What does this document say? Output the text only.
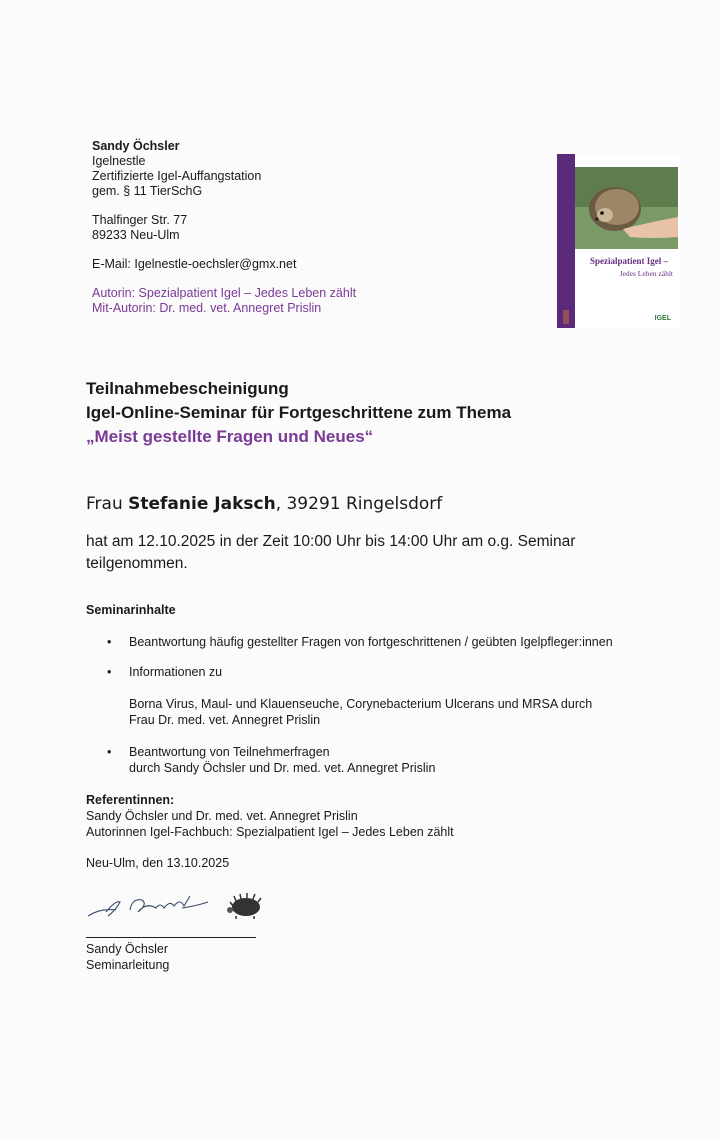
Sandy Öchsler
Igelnestle
Zertifizierte Igel-Auffangstation
gem. § 11 TierSchG
Thalfinger Str. 77
89233 Neu-Ulm
E-Mail: Igelnestle-oechsler@gmx.net
Autorin: Spezialpatient Igel – Jedes Leben zählt
Mit-Autorin: Dr. med. vet. Annegret Prislin
Spezialpatient Igel –
Jedes Leben zählt
IGEL
Teilnahmebescheinigung
Igel-Online-Seminar für Fortgeschrittene zum Thema
„Meist gestellte Fragen und Neues“
Frau Stefanie Jaksch, 39291 Ringelsdorf
hat am 12.10.2025 in der Zeit 10:00 Uhr bis 14:00 Uhr am o.g. Seminar teilgenommen.
Seminarinhalte
• Beantwortung häufig gestellter Fragen von fortgeschrittenen / geübten Igelpfleger:innen
• Informationen zu
Borna Virus, Maul- und Klauenseuche, Corynebacterium Ulcerans und MRSA durch
Frau Dr. med. vet. Annegret Prislin
• Beantwortung von Teilnehmerfragen
durch Sandy Öchsler und Dr. med. vet. Annegret Prislin
Referentinnen:
Sandy Öchsler und Dr. med. vet. Annegret Prislin
Autorinnen Igel-Fachbuch: Spezialpatient Igel – Jedes Leben zählt
Neu-Ulm, den 13.10.2025
Sandy Öchsler
Seminarleitung
